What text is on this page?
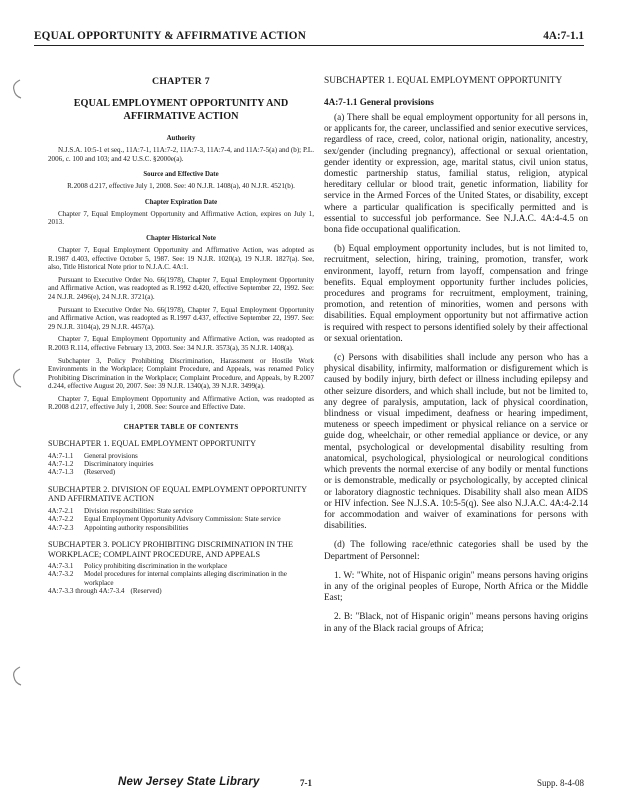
EQUAL OPPORTUNITY & AFFIRMATIVE ACTION	4A:7-1.1
CHAPTER 7
EQUAL EMPLOYMENT OPPORTUNITY AND AFFIRMATIVE ACTION
Authority

N.J.S.A. 10:5-1 et seq., 11A:7-1, 11A:7-2, 11A:7-3, 11A:7-4, and 11A:7-5(a) and (b); P.L. 2006, c. 100 and 103; and 42 U.S.C. §2000e(a).

Source and Effective Date

R.2008 d.217, effective July 1, 2008. See: 40 N.J.R. 1408(a), 40 N.J.R. 4521(b).

Chapter Expiration Date

Chapter 7, Equal Employment Opportunity and Affirmative Action, expires on July 1, 2013.

Chapter Historical Note

Chapter 7, Equal Employment Opportunity and Affirmative Action, was adopted as R.1987 d.403, effective October 5, 1987. See: 19 N.J.R. 1020(a), 19 N.J.R. 1827(a). See, also, Title Historical Note prior to N.J.A.C. 4A:1.

Pursuant to Executive Order No. 66(1978), Chapter 7, Equal Employment Opportunity and Affirmative Action, was readopted as R.1992 d.420, effective September 22, 1992. See: 24 N.J.R. 2496(e), 24 N.J.R. 3721(a).

Pursuant to Executive Order No. 66(1978), Chapter 7, Equal Employment Opportunity and Affirmative Action, was readopted as R.1997 d.437, effective September 22, 1997. See: 29 N.J.R. 3104(a), 29 N.J.R. 4457(a).

Chapter 7, Equal Employment Opportunity and Affirmative Action, was readopted as R.2003 R.114, effective February 13, 2003. See: 34 N.J.R. 3573(a), 35 N.J.R. 1408(a).

Subchapter 3, Policy Prohibiting Discrimination, Harassment or Hostile Work Environments in the Workplace; Complaint Procedure, and Appeals, was renamed Policy Prohibiting Discrimination in the Workplace; Complaint Procedure, and Appeals, by R.2007 d.244, effective August 20, 2007. See: 39 N.J.R. 1340(a), 39 N.J.R. 3499(a).

Chapter 7, Equal Employment Opportunity and Affirmative Action, was readopted as R.2008 d.217, effective July 1, 2008. See: Source and Effective Date.

CHAPTER TABLE OF CONTENTS
SUBCHAPTER 1. EQUAL EMPLOYMENT OPPORTUNITY
4A:7-1.1	General provisions
4A:7-1.2	Discriminatory inquiries
4A:7-1.3	(Reserved)
SUBCHAPTER 2. DIVISION OF EQUAL EMPLOYMENT OPPORTUNITY AND AFFIRMATIVE ACTION
4A:7-2.1	Division responsibilities: State service
4A:7-2.2	Equal Employment Opportunity Advisory Commission: State service
4A:7-2.3	Appointing authority responsibilities
SUBCHAPTER 3. POLICY PROHIBITING DISCRIMINATION IN THE WORKPLACE; COMPLAINT PROCEDURE, AND APPEALS
4A:7-3.1	Policy prohibiting discrimination in the workplace
4A:7-3.2	Model procedures for internal complaints alleging discrimination in the workplace
4A:7-3.3 through 4A:7-3.4 (Reserved)
SUBCHAPTER 1. EQUAL EMPLOYMENT OPPORTUNITY
4A:7-1.1 General provisions

(a) There shall be equal employment opportunity for all persons in, or applicants for, the career, unclassified and senior executive services, regardless of race, creed, color, national origin, nationality, ancestry, sex/gender (including pregnancy), affectional or sexual orientation, gender identity or expression, age, marital status, civil union status, domestic partnership status, familial status, religion, atypical hereditary cellular or blood trait, genetic information, liability for service in the Armed Forces of the United States, or disability, except where a particular qualification is specifically permitted and is essential to successful job performance. See N.J.A.C. 4A:4-4.5 on bona fide occupational qualification.

(b) Equal employment opportunity includes, but is not limited to, recruitment, selection, hiring, training, promotion, transfer, work environment, layoff, return from layoff, compensation and fringe benefits. Equal employment opportunity further includes policies, procedures and programs for recruitment, employment, training, promotion, and retention of minorities, women and persons with disabilities. Equal employment opportunity but not affirmative action is required with respect to persons identified solely by their affectional or sexual orientation.

(c) Persons with disabilities shall include any person who has a physical disability, infirmity, malformation or disfigurement which is caused by bodily injury, birth defect or illness including epilepsy and other seizure disorders, and which shall include, but not be limited to, any degree of paralysis, amputation, lack of physical coordination, blindness or visual impediment, deafness or hearing impediment, muteness or speech impediment or physical reliance on a service or guide dog, wheelchair, or other remedial appliance or device, or any mental, psychological or developmental disability resulting from anatomical, psychological, physiological or neurological conditions which prevents the normal exercise of any bodily or mental functions or is demonstrable, medically or psychologically, by accepted clinical or laboratory diagnostic techniques. Disability shall also mean AIDS or HIV infection. See N.J.S.A. 10:5-5(q). See also N.J.A.C. 4A:4-2.14 for accommodation and waiver of examinations for persons with disabilities.

(d) The following race/ethnic categories shall be used by the Department of Personnel:

1. W: "White, not of Hispanic origin" means persons having origins in any of the original peoples of Europe, North Africa or the Middle East;

2. B: "Black, not of Hispanic origin" means persons having origins in any of the Black racial groups of Africa;

New Jersey State Library	7-1	Supp. 8-4-08
